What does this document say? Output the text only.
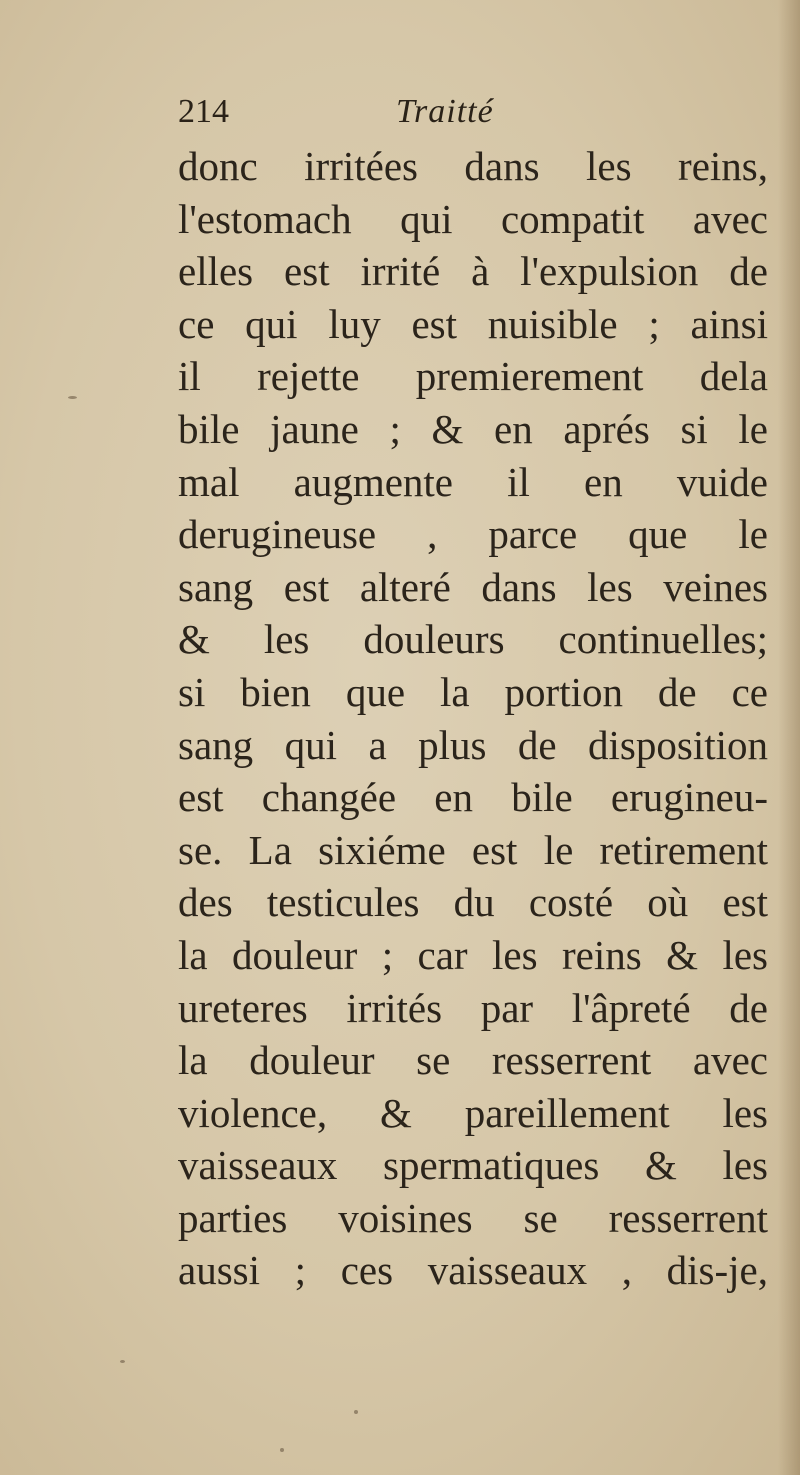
214	Traitté
donc irritées dans les reins,
l'estomach qui compatit avec
elles est irrité à l'expulsion de
ce qui luy est nuisible ; ainsi
il rejette premierement dela
bile jaune ; & en aprés si le
mal augmente il en vuide
derugineuse , parce que le
sang est alteré dans les veines
& les douleurs continuelles;
si bien que la portion de ce
sang qui a plus de disposition
est changée en bile erugineu-
se. La sixiéme est le retirement
des testicules du costé où est
la douleur ; car les reins & les
ureteres irrités par l'âpreté de
la douleur se resserrent avec
violence, & pareillement les
vaisseaux spermatiques & les
parties voisines se resserrent
aussi ; ces vaisseaux , dis-je,
